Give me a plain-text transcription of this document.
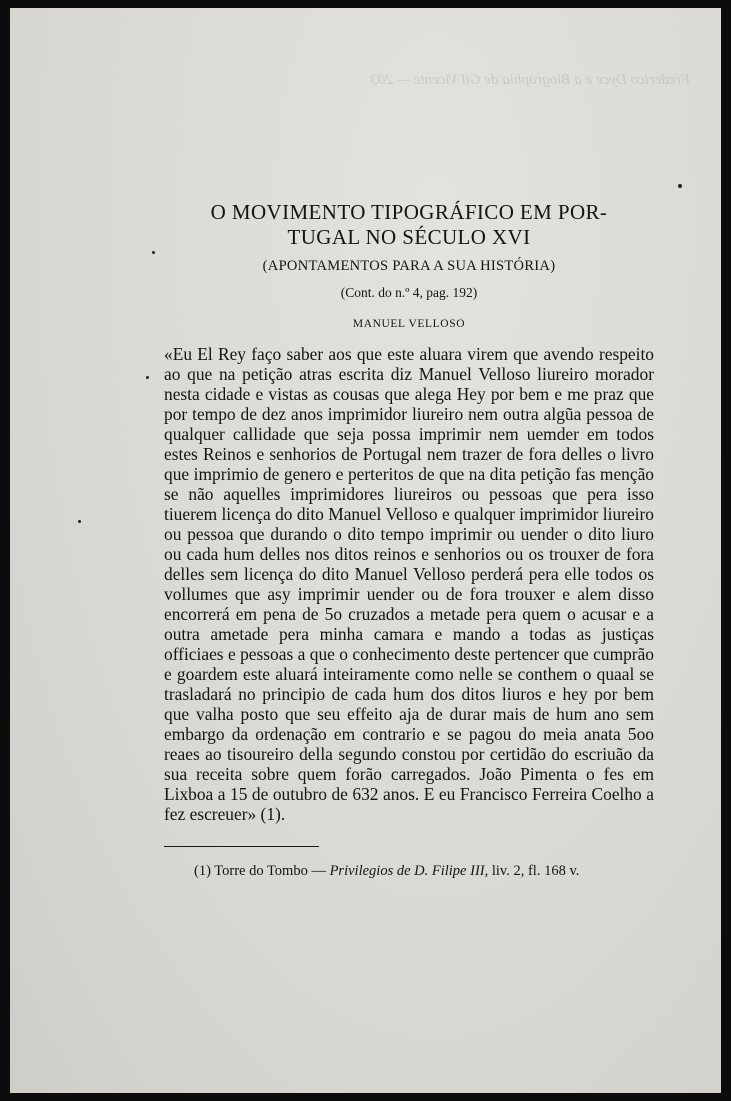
Frederico Dyce e a Biographia de Gil Vicente — 203
O MOVIMENTO TIPOGRÁFICO EM POR-
TUGAL NO SÉCULO XVI

(APONTAMENTOS PARA A SUA HISTÓRIA)

(Cont. do n.º 4, pag. 192)

MANUEL VELLOSO

«Eu El Rey faço saber aos que este aluara virem que avendo respeito ao que na petição atras escrita diz Manuel Velloso liureiro morador nesta cidade e vistas as cousas que alega Hey por bem e me praz que por tempo de dez anos imprimidor liureiro nem outra algũa pessoa de qualquer callidade que seja possa imprimir nem uemder em todos estes Reinos e senhorios de Portugal nem trazer de fora delles o livro que imprimio de genero e perteritos de que na dita petição fas menção se não aquelles imprimidores liureiros ou pessoas que pera isso tiuerem licença do dito Manuel Velloso e qualquer imprimidor liureiro ou pessoa que durando o dito tempo imprimir ou uender o dito liuro ou cada hum delles nos ditos reinos e senhorios ou os trouxer de fora delles sem licença do dito Manuel Velloso perderá pera elle todos os vollumes que asy imprimir uender ou de fora trouxer e alem disso encorrerá em pena de 5o cruzados a metade pera quem o acusar e a outra ametade pera minha camara e mando a todas as justiças officiaes e pessoas a que o conhecimento deste pertencer que cumprão e goardem este aluará inteiramente como nelle se conthem o quaal se trasladará no principio de cada hum dos ditos liuros e hey por bem que valha posto que seu effeito aja de durar mais de hum ano sem embargo da ordenação em contrario e se pagou do meia anata 5oo reaes ao tisoureiro della segundo constou por certidão do escriuão da sua receita sobre quem forão carregados. João Pimenta o fes em Lixboa a 15 de outubro de 632 anos. E eu Francisco Ferreira Coelho a fez escreuer» (1).

(1) Torre do Tombo — Privilegios de D. Filipe III, liv. 2, fl. 168 v.
